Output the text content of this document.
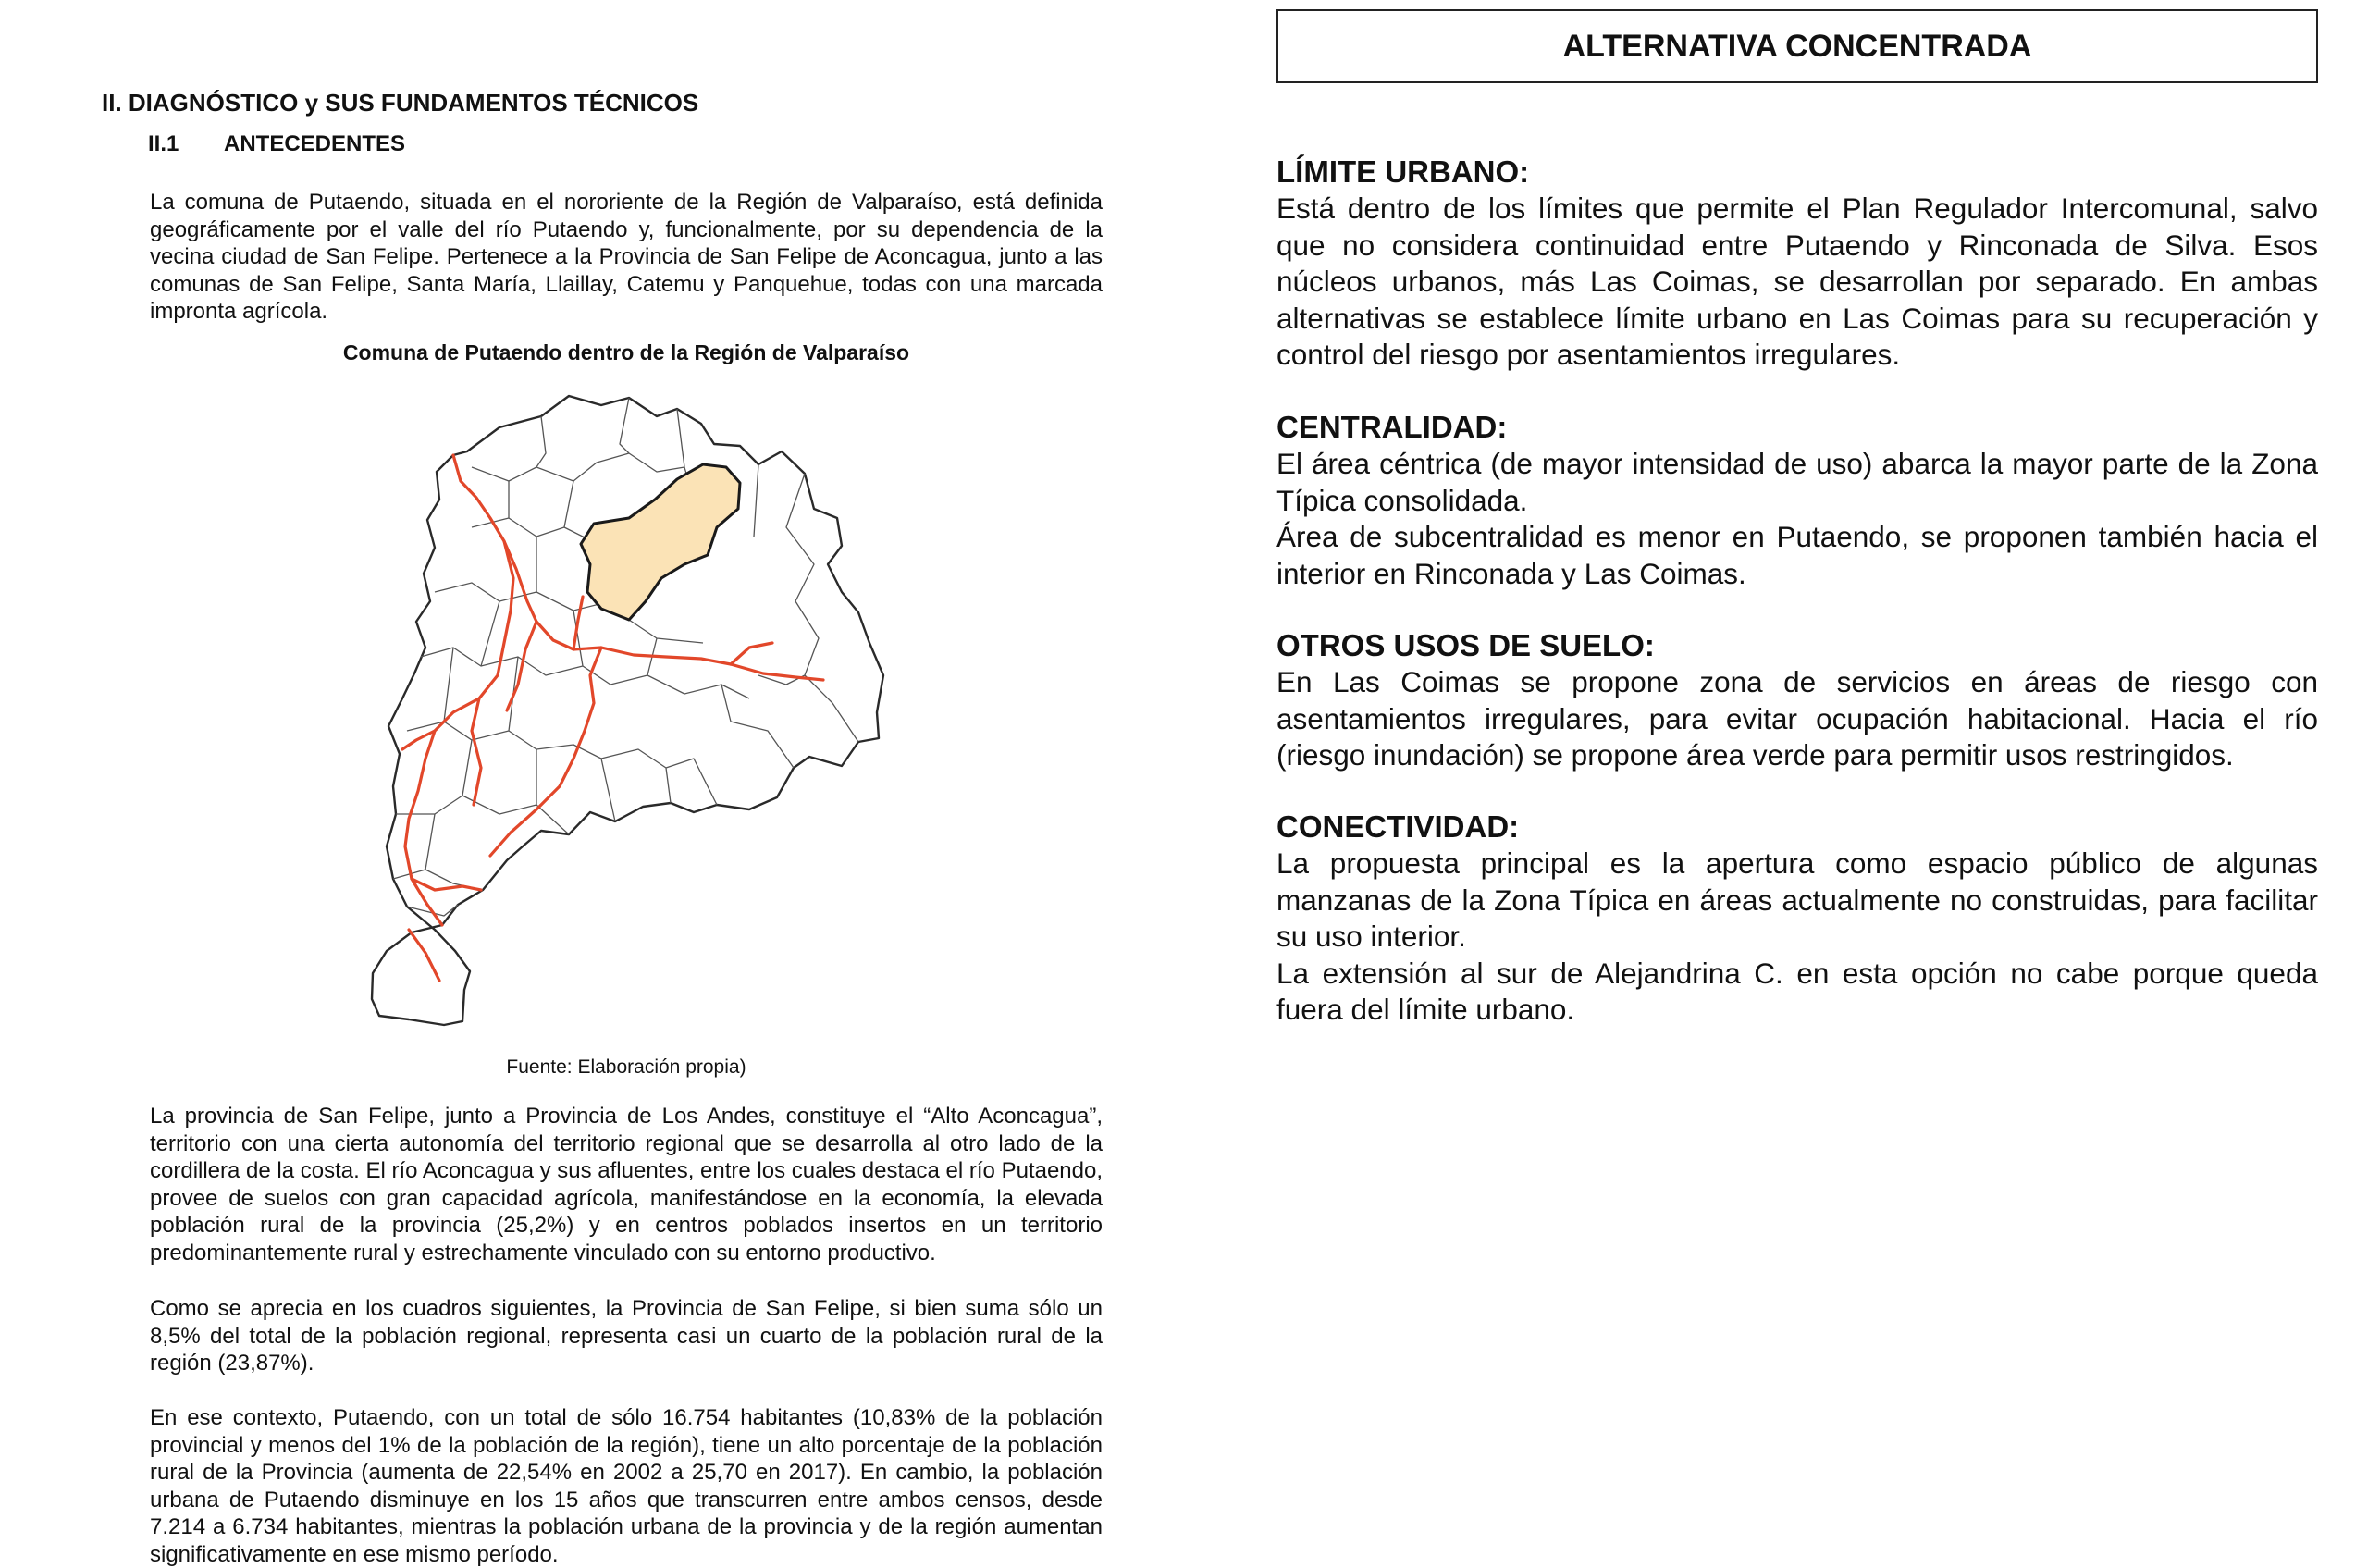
II. DIAGNÓSTICO y SUS FUNDAMENTOS TÉCNICOS
II.1 ANTECEDENTES

La comuna de Putaendo, situada en el nororiente de la Región de Valparaíso, está definida geográficamente por el valle del río Putaendo y, funcionalmente, por su dependencia de la vecina ciudad de San Felipe. Pertenece a la Provincia de San Felipe de Aconcagua, junto a las comunas de San Felipe, Santa María, Llaillay, Catemu y Panquehue, todas con una marcada impronta agrícola.

Comuna de Putaendo dentro de la Región de Valparaíso
Fuente: Elaboración propia)

La provincia de San Felipe, junto a Provincia de Los Andes, constituye el “Alto Aconcagua”, territorio con una cierta autonomía del territorio regional que se desarrolla al otro lado de la cordillera de la costa. El río Aconcagua y sus afluentes, entre los cuales destaca el río Putaendo, provee de suelos con gran capacidad agrícola, manifestándose en la economía, la elevada población rural de la provincia (25,2%) y en centros poblados insertos en un territorio predominantemente rural y estrechamente vinculado con su entorno productivo.

Como se aprecia en los cuadros siguientes, la Provincia de San Felipe, si bien suma sólo un 8,5% del total de la población regional, representa casi un cuarto de la población rural de la región (23,87%).

En ese contexto, Putaendo, con un total de sólo 16.754 habitantes (10,83% de la población provincial y menos del 1% de la población de la región), tiene un alto porcentaje de la población rural de la Provincia (aumenta de 22,54% en 2002 a 25,70 en 2017). En cambio, la población urbana de Putaendo disminuye en los 15 años que transcurren entre ambos censos, desde 7.214 a 6.734 habitantes, mientras la población urbana de la provincia y de la región aumentan significativamente en ese mismo período.

ALTERNATIVA CONCENTRADA
LÍMITE URBANO:

Está dentro de los límites que permite el Plan Regulador Intercomunal, salvo que no considera continuidad entre Putaendo y Rinconada de Silva. Esos núcleos urbanos, más Las Coimas, se desarrollan por separado. En ambas alternativas se establece límite urbano en Las Coimas para su recuperación y control del riesgo por asentamientos irregulares.

CENTRALIDAD:

El área céntrica (de mayor intensidad de uso) abarca la mayor parte de la Zona Típica consolidada.

Área de subcentralidad es menor en Putaendo, se proponen también hacia el interior en Rinconada y Las Coimas.

OTROS USOS DE SUELO:

En Las Coimas se propone zona de servicios en áreas de riesgo con asentamientos irregulares, para evitar ocupación habitacional. Hacia el río (riesgo inundación) se propone área verde para permitir usos restringidos.

CONECTIVIDAD:

La propuesta principal es la apertura como espacio público de algunas manzanas de la Zona Típica en áreas actualmente no construidas, para facilitar su uso interior.

La extensión al sur de Alejandrina C. en esta opción no cabe porque queda fuera del límite urbano.
